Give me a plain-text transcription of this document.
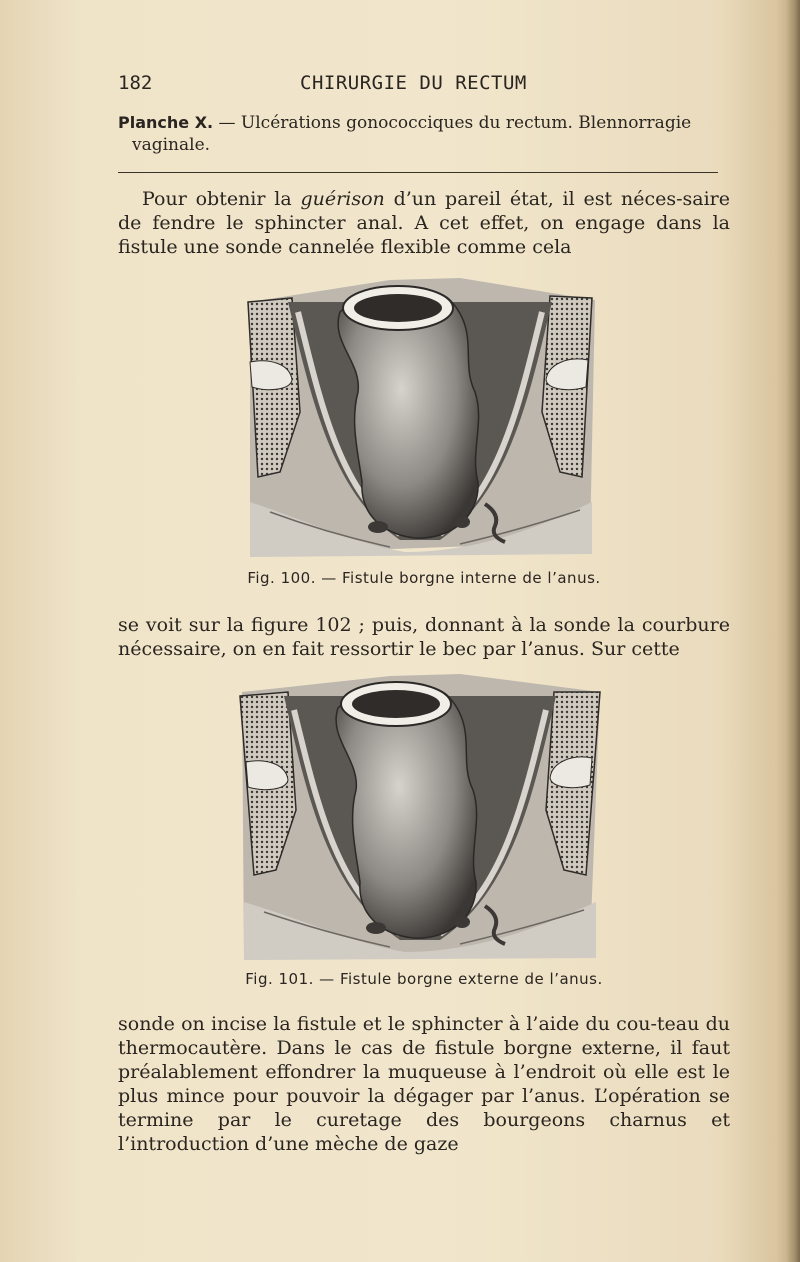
182	CHIRURGIE DU RECTUM
Planche X. — Ulcérations gonococciques du rectum. Blennorragie
vaginale.

Pour obtenir la guérison d’un pareil état, il est néces-saire de fendre le sphincter anal. A cet effet, on engage dans la fistule une sonde cannelée flexible comme cela

Fig. 100. — Fistule borgne interne de l’anus.

se voit sur la figure 102 ; puis, donnant à la sonde la courbure nécessaire, on en fait ressortir le bec par l’anus. Sur cette

Fig. 101. — Fistule borgne externe de l’anus.

sonde on incise la fistule et le sphincter à l’aide du cou-teau du thermocautère. Dans le cas de fistule borgne externe, il faut préalablement effondrer la muqueuse à l’endroit où elle est le plus mince pour pouvoir la dégager par l’anus. L’opération se termine par le curetage des bourgeons charnus et l’introduction d’une mèche de gaze
